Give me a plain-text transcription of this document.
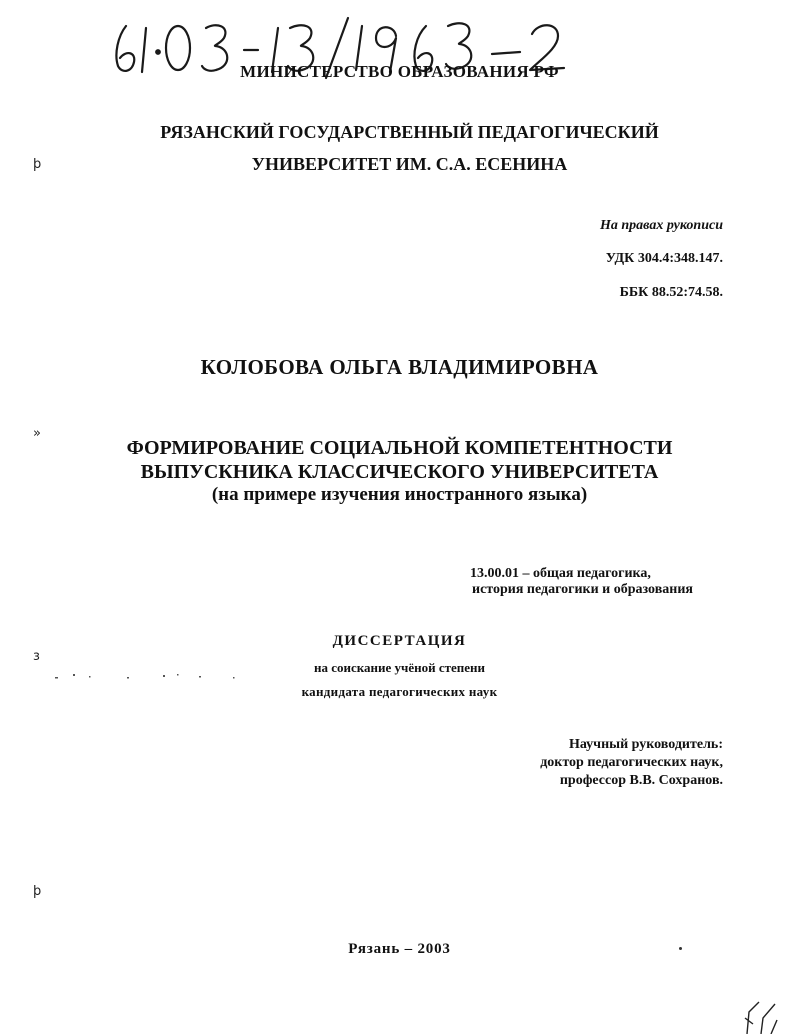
МИНИСТЕРСТВО ОБРАЗОВАНИЯ РФ
РЯЗАНСКИЙ ГОСУДАРСТВЕННЫЙ ПЕДАГОГИЧЕСКИЙ
УНИВЕРСИТЕТ ИМ. С.А. ЕСЕНИНА
На правах рукописи
УДК 304.4:348.147.
ББК 88.52:74.58.
КОЛОБОВА ОЛЬГА ВЛАДИМИРОВНА
ФОРМИРОВАНИЕ СОЦИАЛЬНОЙ КОМПЕТЕНТНОСТИ
ВЫПУСКНИКА КЛАССИЧЕСКОГО УНИВЕРСИТЕТА
(на примере изучения иностранного языка)
13.00.01 – общая педагогика,
история педагогики и образования
ДИССЕРТАЦИЯ
на соискание учёной степени
кандидата педагогических наук
Научный руководитель:
доктор педагогических наук,
профессор В.В. Сохранов.
Рязань – 2003
þ
»
з
þ
